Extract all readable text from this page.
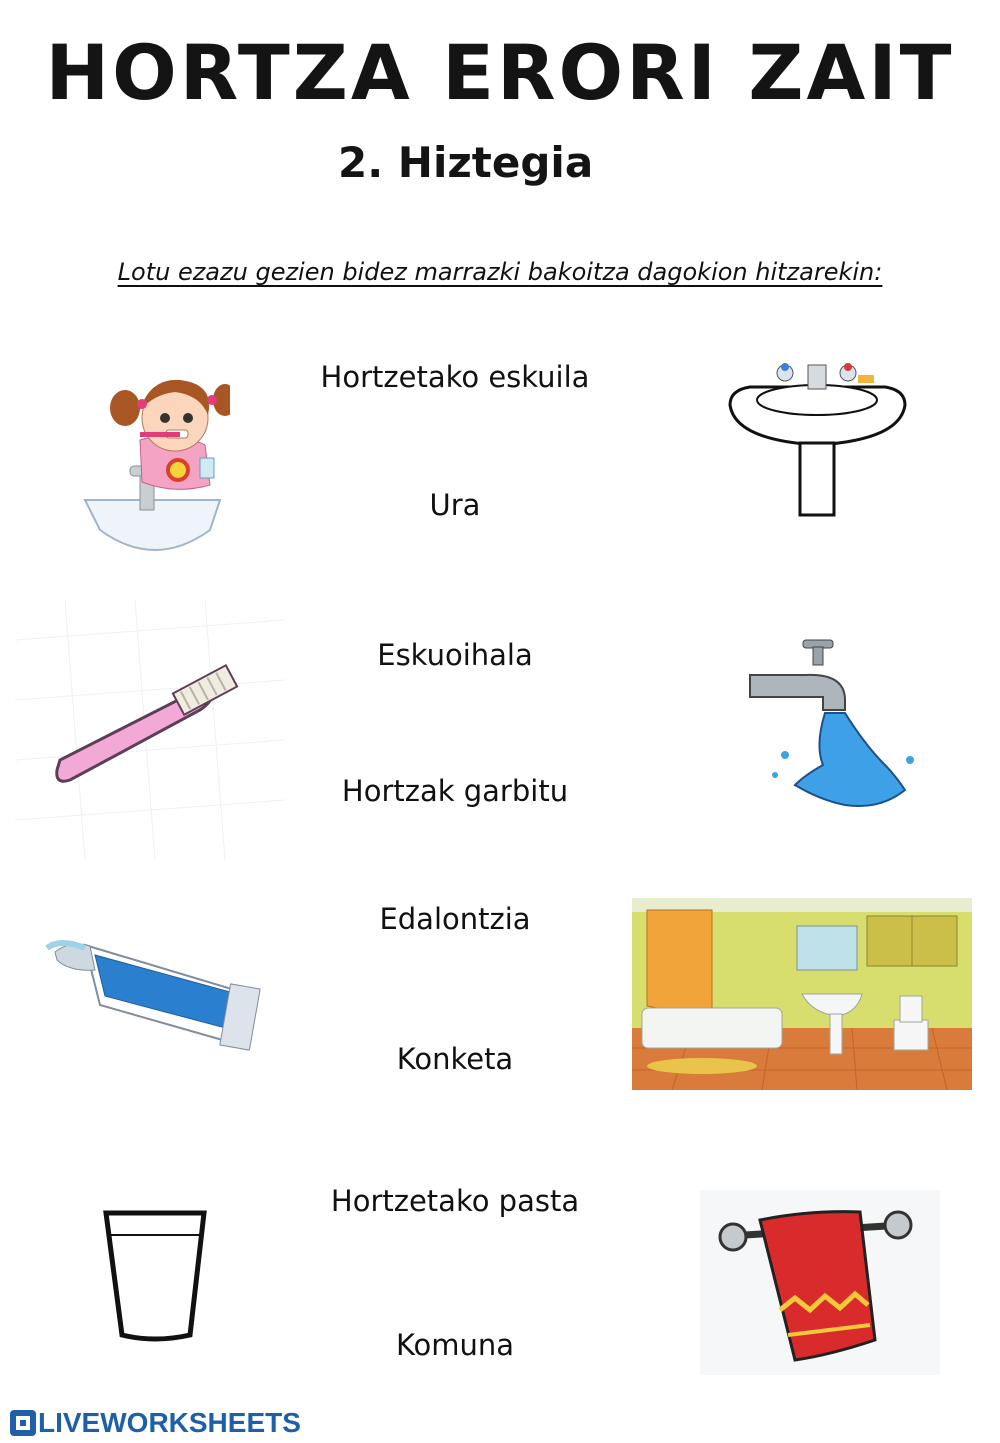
HORTZA ERORI ZAIT
2. Hiztegia
Lotu ezazu gezien bidez marrazki bakoitza dagokion hitzarekin:
Hortzetako eskuila
Ura
Eskuoihala
Hortzak garbitu
Edalontzia
Konketa
Hortzetako pasta
Komuna
LIVEWORKSHEETS
